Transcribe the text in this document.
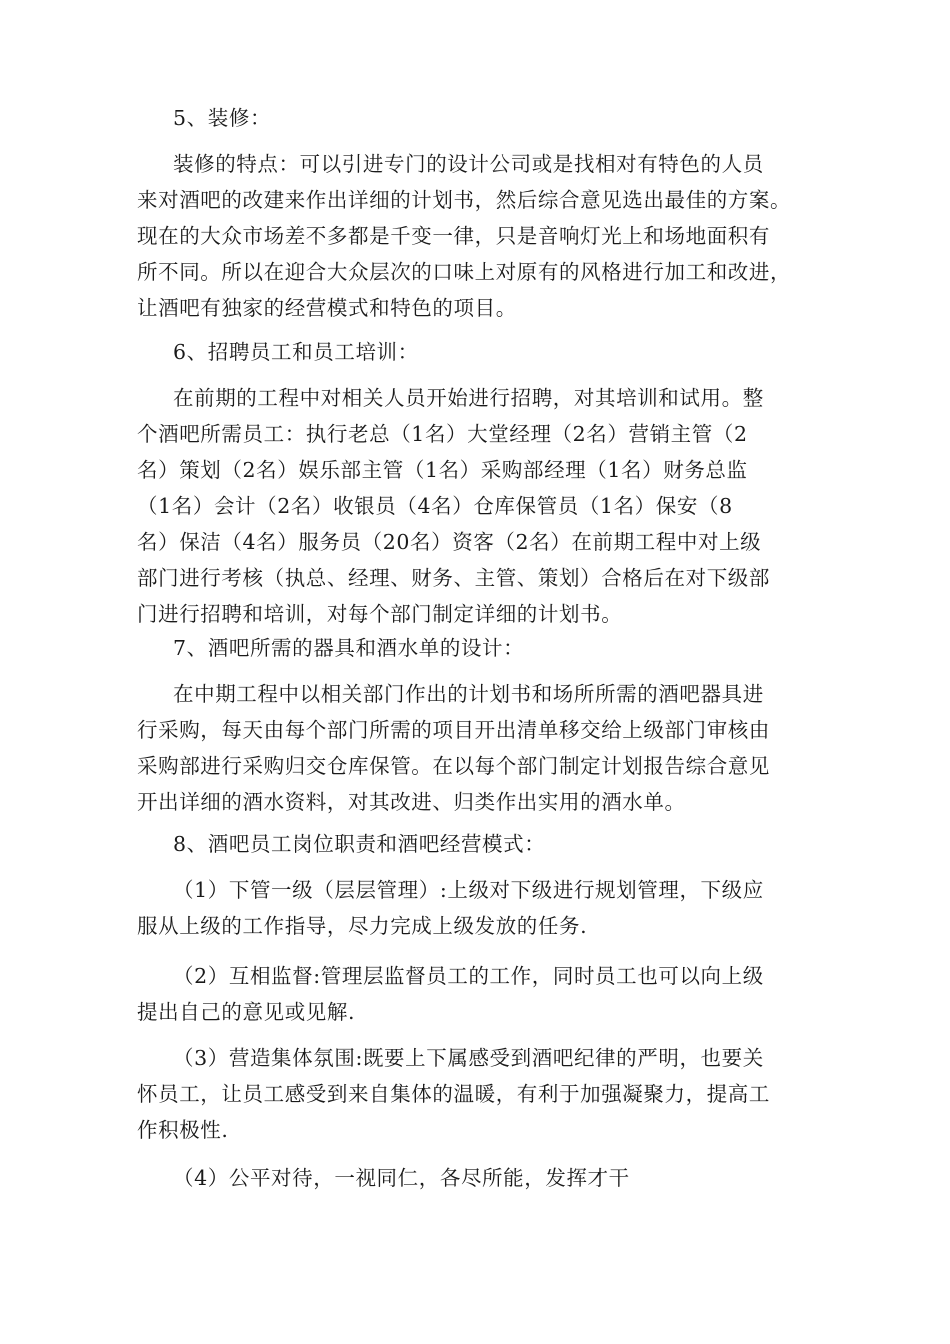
5、装修：
装修的特点：可以引进专门的设计公司或是找相对有特色的人员
来对酒吧的改建来作出详细的计划书，然后综合意见选出最佳的方案。
现在的大众市场差不多都是千变一律，只是音响灯光上和场地面积有
所不同。所以在迎合大众层次的口味上对原有的风格进行加工和改进，
让酒吧有独家的经营模式和特色的项目。
6、招聘员工和员工培训：
在前期的工程中对相关人员开始进行招聘，对其培训和试用。整
个酒吧所需员工：执行老总（1名）大堂经理（2名）营销主管（2
名）策划（2名）娱乐部主管（1名）采购部经理（1名）财务总监
（1名）会计（2名）收银员（4名）仓库保管员（1名）保安（8
名）保洁（4名）服务员（20名）资客（2名）在前期工程中对上级
部门进行考核（执总、经理、财务、主管、策划）合格后在对下级部
门进行招聘和培训，对每个部门制定详细的计划书。
7、酒吧所需的器具和酒水单的设计：
在中期工程中以相关部门作出的计划书和场所所需的酒吧器具进
行采购，每天由每个部门所需的项目开出清单移交给上级部门审核由
采购部进行采购归交仓库保管。在以每个部门制定计划报告综合意见
开出详细的酒水资料，对其改进、归类作出实用的酒水单。
8、酒吧员工岗位职责和酒吧经营模式：
（1）下管一级（层层管理）:上级对下级进行规划管理，下级应
服从上级的工作指导，尽力完成上级发放的任务.
（2）互相监督:管理层监督员工的工作，同时员工也可以向上级
提出自己的意见或见解.
（3）营造集体氛围:既要上下属感受到酒吧纪律的严明，也要关
怀员工，让员工感受到来自集体的温暖，有利于加强凝聚力，提高工
作积极性.
（4）公平对待，一视同仁，各尽所能，发挥才干
